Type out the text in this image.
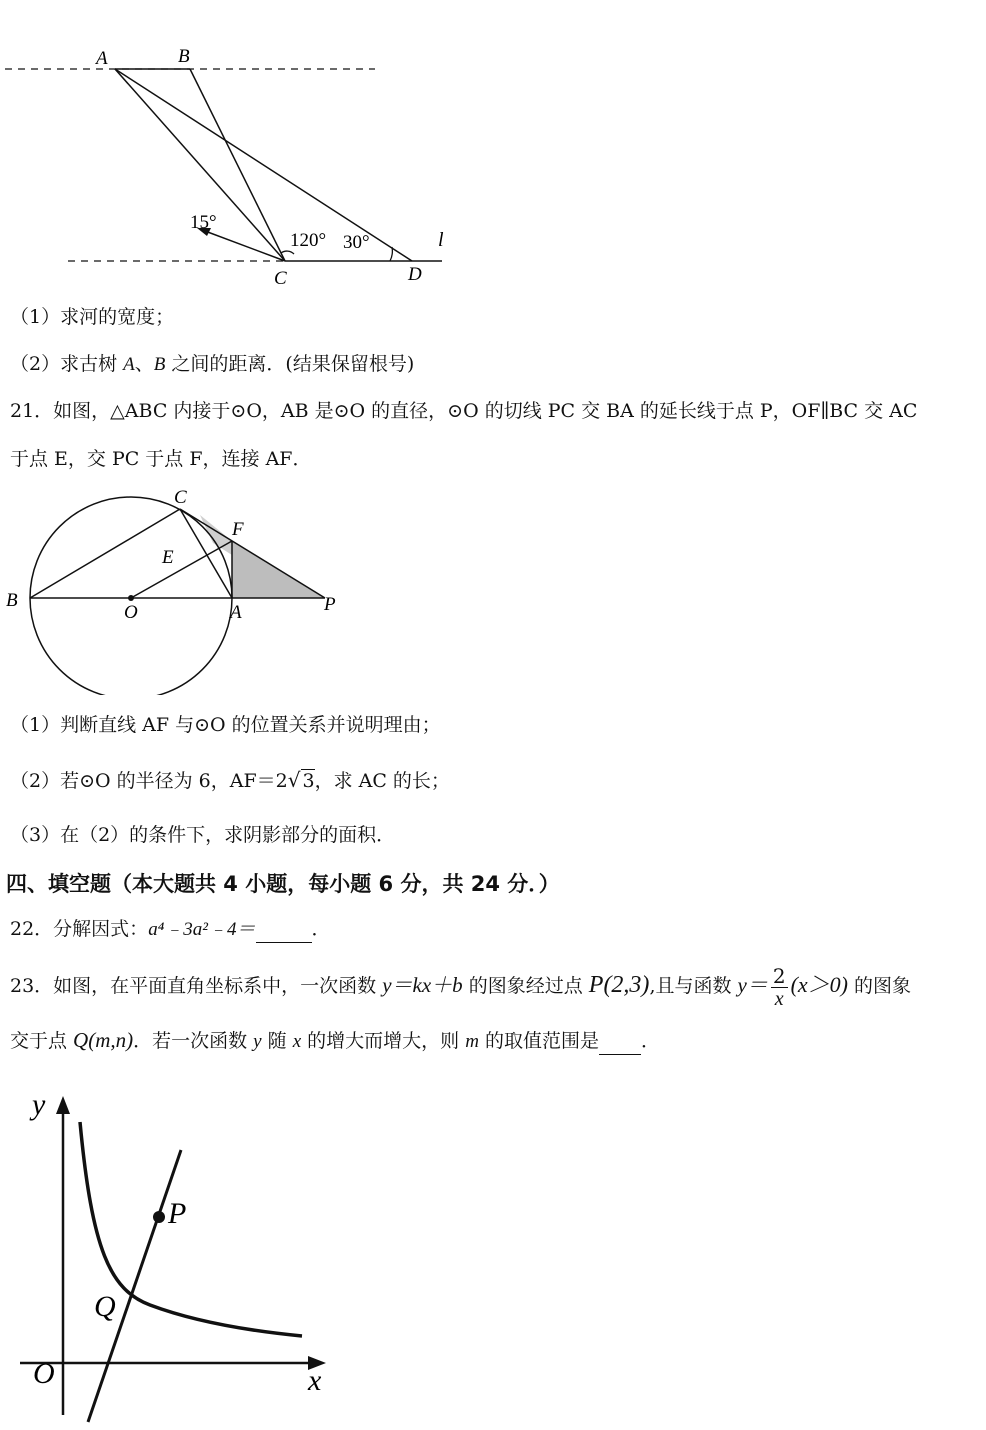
A	B
C	D
l
15°
120° 30°
（1）求河的宽度；
（2）求古树 A、B 之间的距离．(结果保留根号)
21．如图，△ABC 内接于⊙O，AB 是⊙O 的直径，⊙O 的切线 PC 交 BA 的延长线于点 P，OF∥BC 交 AC
于点 E，交 PC 于点 F，连接 AF．
C
F
E
B
O	A	P
（1）判断直线 AF 与⊙O 的位置关系并说明理由；
（2）若⊙O 的半径为 6，AF＝2√ 3，求 AC 的长；
（3）在（2）的条件下，求阴影部分的面积．
四、填空题（本大题共 4 小题，每小题 6 分，共 24 分．）
22．分解因式：a⁴﹣3a²﹣4＝	．
23．如图，在平面直角坐标系中，一次函数 y＝kx＋b 的图象经过点 P(2,3),且与函数 $y= \frac{2}{x} (x>0)$ 的图象
交于点 Q(m,n)．若一次函数 y 随 x 的增大而增大，则 m 的取值范围是 ．
y
x
O
P
Q
